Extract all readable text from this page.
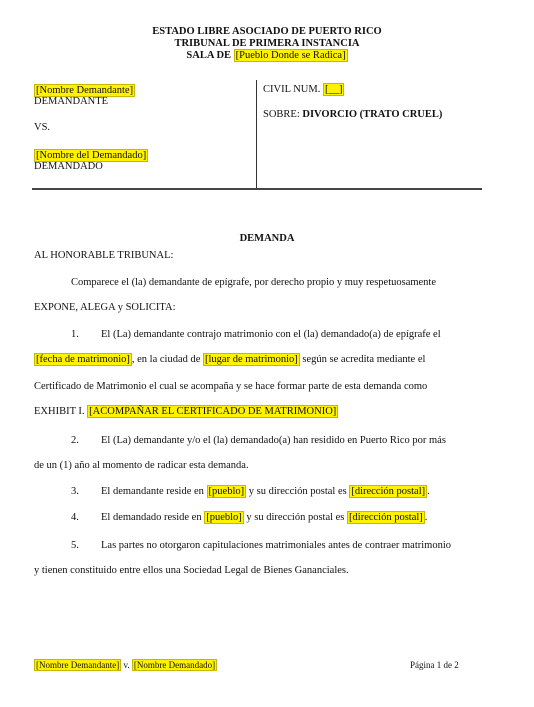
ESTADO LIBRE ASOCIADO DE PUERTO RICO
TRIBUNAL DE PRIMERA INSTANCIA
SALA DE [Pueblo Donde se Radica]
[Nombre Demandante]
DEMANDANTE
VS.
[Nombre del Demandado]
DEMANDADO
CIVIL NUM. [__]
SOBRE: DIVORCIO (TRATO CRUEL)
DEMANDA
AL HONORABLE TRIBUNAL:
Comparece el (la) demandante de epígrafe, por derecho propio y muy respetuosamente
EXPONE, ALEGA y SOLICITA:
1. El (La) demandante contrajo matrimonio con el (la) demandado(a) de epígrafe el
[fecha de matrimonio] , en la ciudad de [lugar de matrimonio] según se acredita mediante el
Certificado de Matrimonio el cual se acompaña y se hace formar parte de esta demanda como
EXHIBIT I. [ACOMPAÑAR EL CERTIFICADO DE MATRIMONIO]
2. El (La) demandante y/o el (la) demandado(a) han residido en Puerto Rico por más
de un (1) año al momento de radicar esta demanda.
3. El demandante reside en [pueblo] y su dirección postal es [dirección postal] .
4. El demandado reside en [pueblo] y su dirección postal es [dirección postal] .
5. Las partes no otorgaron capitulaciones matrimoniales antes de contraer matrimonio
y tienen constituido entre ellos una Sociedad Legal de Bienes Gananciales.
[Nombre Demandante] v. [Nombre Demandado]	Página 1 de 2
